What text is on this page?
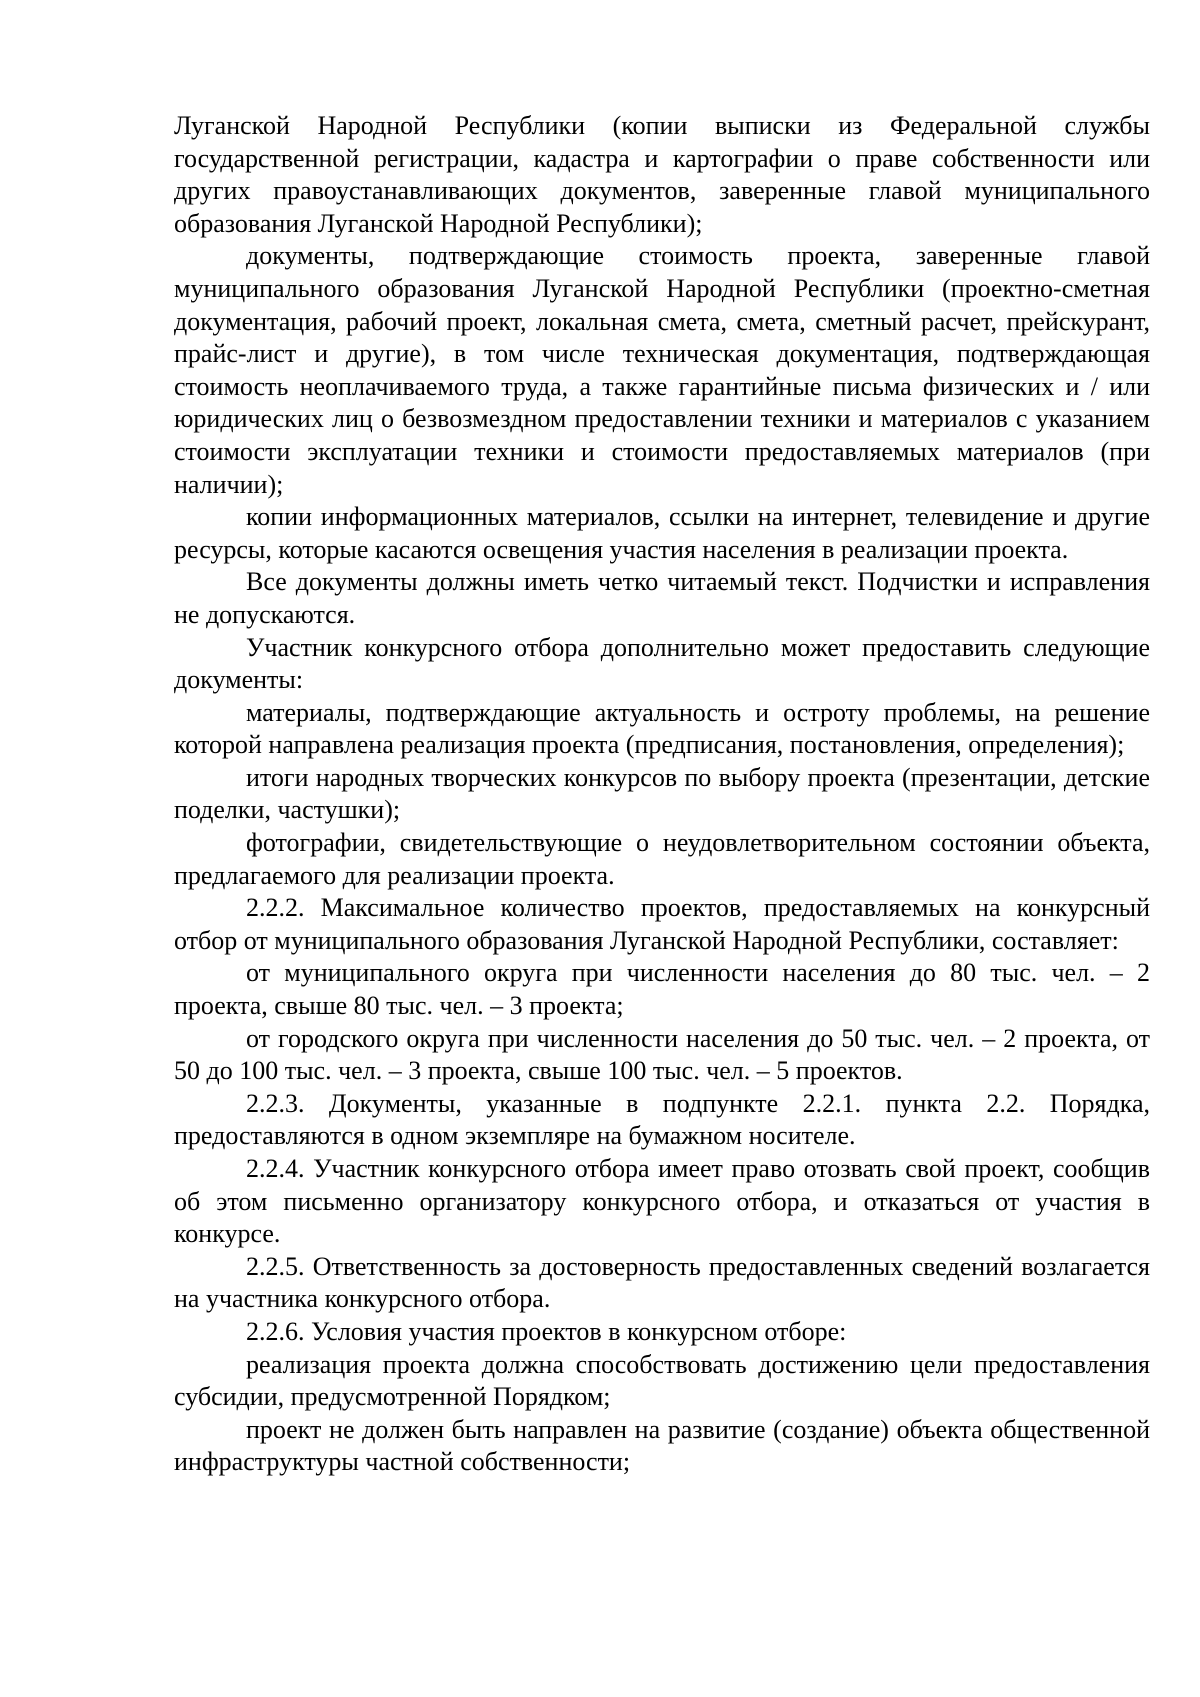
Луганской Народной Республики (копии выписки из Федеральной службы государственной регистрации, кадастра и картографии о праве собственности или других правоустанавливающих документов, заверенные главой муниципального образования Луганской Народной Республики);

документы, подтверждающие стоимость проекта, заверенные главой муниципального образования Луганской Народной Республики (проектно-сметная документация, рабочий проект, локальная смета, смета, сметный расчет, прейскурант, прайс-лист и другие), в том числе техническая документация, подтверждающая стоимость неоплачиваемого труда, а также гарантийные письма физических и / или юридических лиц о безвозмездном предоставлении техники и материалов с указанием стоимости эксплуатации техники и стоимости предоставляемых материалов (при наличии);

копии информационных материалов, ссылки на интернет, телевидение и другие ресурсы, которые касаются освещения участия населения в реализации проекта.

Все документы должны иметь четко читаемый текст. Подчистки и исправления не допускаются.

Участник конкурсного отбора дополнительно может предоставить следующие документы:

материалы, подтверждающие актуальность и остроту проблемы, на решение которой направлена реализация проекта (предписания, постановления, определения);

итоги народных творческих конкурсов по выбору проекта (презентации, детские поделки, частушки);

фотографии, свидетельствующие о неудовлетворительном состоянии объекта, предлагаемого для реализации проекта.

2.2.2. Максимальное количество проектов, предоставляемых на конкурсный отбор от муниципального образования Луганской Народной Республики, составляет:

от муниципального округа при численности населения до 80 тыс. чел. – 2 проекта, свыше 80 тыс. чел. – 3 проекта;

от городского округа при численности населения до 50 тыс. чел. – 2 проекта, от 50 до 100 тыс. чел. – 3 проекта, свыше 100 тыс. чел. – 5 проектов.

2.2.3. Документы, указанные в подпункте 2.2.1. пункта 2.2. Порядка, предоставляются в одном экземпляре на бумажном носителе.

2.2.4. Участник конкурсного отбора имеет право отозвать свой проект, сообщив об этом письменно организатору конкурсного отбора, и отказаться от участия в конкурсе.

2.2.5. Ответственность за достоверность предоставленных сведений возлагается на участника конкурсного отбора.

2.2.6. Условия участия проектов в конкурсном отборе:

реализация проекта должна способствовать достижению цели предоставления субсидии, предусмотренной Порядком;

проект не должен быть направлен на развитие (создание) объекта общественной инфраструктуры частной собственности;
